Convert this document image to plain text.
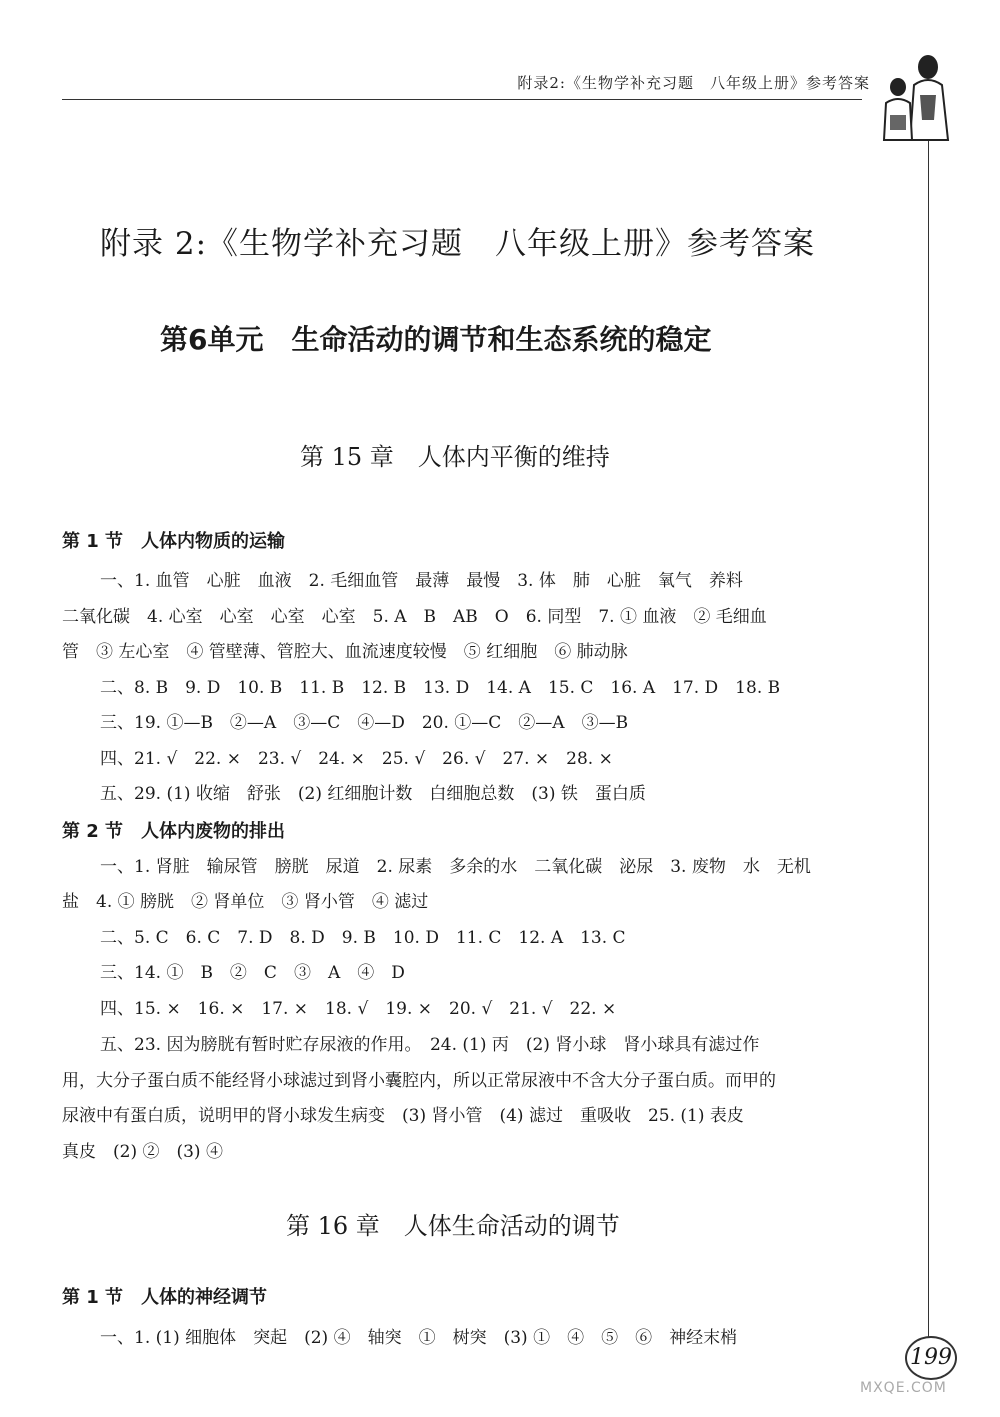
附录2:《生物学补充习题　八年级上册》参考答案
附录 2:《生物学补充习题　八年级上册》参考答案
第6单元　生命活动的调节和生态系统的稳定
第 15 章　人体内平衡的维持
第 1 节　人体内物质的运输
一、1. 血管　心脏　血液　2. 毛细血管　最薄　最慢　3. 体　肺　心脏　氧气　养料
二氧化碳　4. 心室　心室　心室　心室　5. A　B　AB　O　6. 同型　7. ① 血液　② 毛细血
管　③ 左心室　④ 管壁薄、管腔大、血流速度较慢　⑤ 红细胞　⑥ 肺动脉
二、8. B　9. D　10. B　11. B　12. B　13. D　14. A　15. C　16. A　17. D　18. B
三、19. ①—B　②—A　③—C　④—D　20. ①—C　②—A　③—B
四、21. √　22. ×　23. √　24. ×　25. √　26. √　27. ×　28. ×
五、29. (1) 收缩　舒张　(2) 红细胞计数　白细胞总数　(3) 铁　蛋白质
第 2 节　人体内废物的排出
一、1. 肾脏　输尿管　膀胱　尿道　2. 尿素　多余的水　二氧化碳　泌尿　3. 废物　水　无机
盐　4. ① 膀胱　② 肾单位　③ 肾小管　④ 滤过
二、5. C　6. C　7. D　8. D　9. B　10. D　11. C　12. A　13. C
三、14. ①　B　②　C　③　A　④　D
四、15. ×　16. ×　17. ×　18. √　19. ×　20. √　21. √　22. ×
五、23. 因为膀胱有暂时贮存尿液的作用。　24. (1) 丙　(2) 肾小球　肾小球具有滤过作
用，大分子蛋白质不能经肾小球滤过到肾小囊腔内，所以正常尿液中不含大分子蛋白质。而甲的
尿液中有蛋白质，说明甲的肾小球发生病变　(3) 肾小管　(4) 滤过　重吸收　25. (1) 表皮
真皮　(2) ②　(3) ④
第 16 章　人体生命活动的调节
第 1 节　人体的神经调节
一、1. (1) 细胞体　突起　(2) ④　轴突　①　树突　(3) ①　④　⑤　⑥　神经末梢
199
MXQE.COM
